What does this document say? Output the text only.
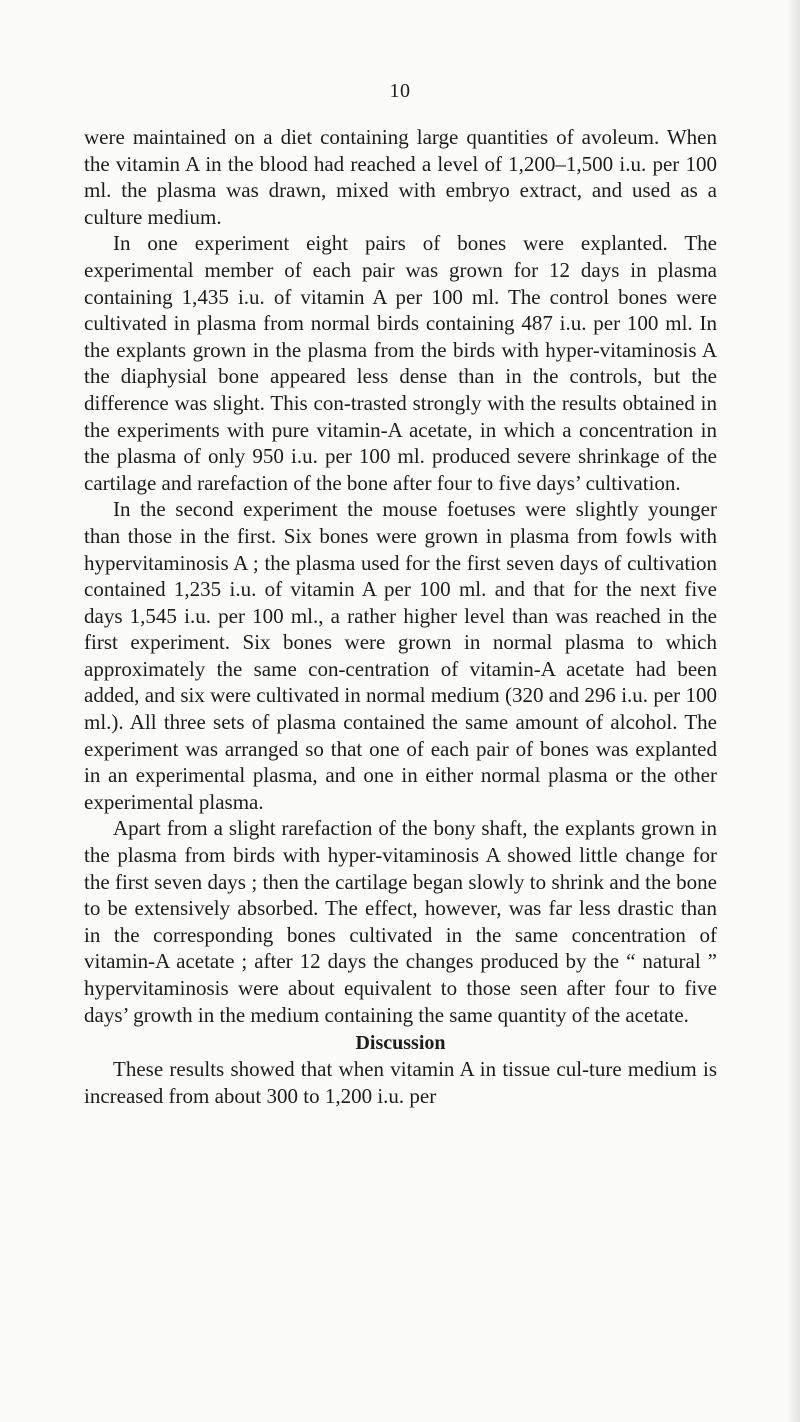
10

were maintained on a diet containing large quantities of avoleum. When the vitamin A in the blood had reached a level of 1,200–1,500 i.u. per 100 ml. the plasma was drawn, mixed with embryo extract, and used as a culture medium.

In one experiment eight pairs of bones were explanted. The experimental member of each pair was grown for 12 days in plasma containing 1,435 i.u. of vitamin A per 100 ml. The control bones were cultivated in plasma from normal birds containing 487 i.u. per 100 ml. In the explants grown in the plasma from the birds with hyper-vitaminosis A the diaphysial bone appeared less dense than in the controls, but the difference was slight. This con-trasted strongly with the results obtained in the experiments with pure vitamin-A acetate, in which a concentration in the plasma of only 950 i.u. per 100 ml. produced severe shrinkage of the cartilage and rarefaction of the bone after four to five days’ cultivation.

In the second experiment the mouse foetuses were slightly younger than those in the first. Six bones were grown in plasma from fowls with hypervitaminosis A ; the plasma used for the first seven days of cultivation contained 1,235 i.u. of vitamin A per 100 ml. and that for the next five days 1,545 i.u. per 100 ml., a rather higher level than was reached in the first experiment. Six bones were grown in normal plasma to which approximately the same con-centration of vitamin-A acetate had been added, and six were cultivated in normal medium (320 and 296 i.u. per 100 ml.). All three sets of plasma contained the same amount of alcohol. The experiment was arranged so that one of each pair of bones was explanted in an experimental plasma, and one in either normal plasma or the other experimental plasma.

Apart from a slight rarefaction of the bony shaft, the explants grown in the plasma from birds with hyper-vitaminosis A showed little change for the first seven days ; then the cartilage began slowly to shrink and the bone to be extensively absorbed. The effect, however, was far less drastic than in the corresponding bones cultivated in the same concentration of vitamin-A acetate ; after 12 days the changes produced by the “ natural ” hypervitaminosis were about equivalent to those seen after four to five days’ growth in the medium containing the same quantity of the acetate.

Discussion

These results showed that when vitamin A in tissue cul-ture medium is increased from about 300 to 1,200 i.u. per
